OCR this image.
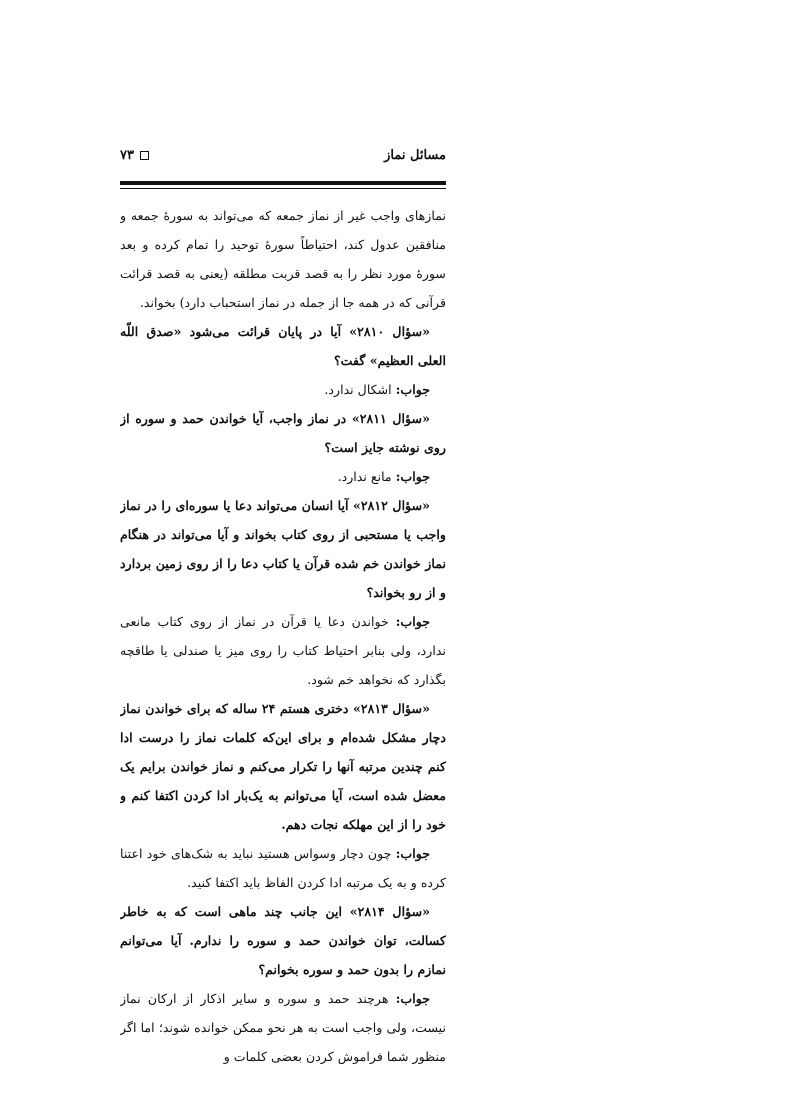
مسائل نماز
۷۳

نمازهای واجب غیر از نماز جمعه که می‌تواند به سورهٔ جمعه و منافقین عدول کند، احتیاطاً سورهٔ توحید را تمام کرده و بعد سورهٔ مورد نظر را به قصد قربت مطلقه (یعنی به قصد قرائت قرآنی که در همه جا از جمله در نماز استحباب دارد) بخواند.

«سؤال ۲۸۱۰» آیا در پایان قرائت می‌شود «صدق اللّه العلی العظیم» گفت؟

جواب: اشکال ندارد.

«سؤال ۲۸۱۱» در نماز واجب، آیا خواندن حمد و سوره از روی نوشته جایز است؟

جواب: مانع ندارد.

«سؤال ۲۸۱۲» آیا انسان می‌تواند دعا یا سوره‌ای را در نماز واجب یا مستحبی از روی کتاب بخواند و آیا می‌تواند در هنگام نماز خواندن خم شده قرآن یا کتاب دعا را از روی زمین بردارد و از رو بخواند؟

جواب: خواندن دعا یا قرآن در نماز از روی کتاب مانعی ندارد، ولی بنابر احتیاط کتاب را روی میز یا صندلی یا طاقچه بگذارد که نخواهد خم شود.

«سؤال ۲۸۱۳» دختری هستم ۲۴ ساله که برای خواندن نماز دچار مشکل شده‌ام و برای این‌که کلمات نماز را درست ادا کنم چندین مرتبه آنها را تکرار می‌کنم و نماز خواندن برایم یک معضل شده است، آیا می‌توانم به یک‌بار ادا کردن اکتفا کنم و خود را از این مهلکه نجات دهم.

جواب: چون دچار وسواس هستید نباید به شک‌های خود اعتنا کرده و به یک مرتبه ادا کردن الفاظ باید اکتفا کنید.

«سؤال ۲۸۱۴» این جانب چند ماهی است که به خاطر کسالت، توان خواندن حمد و سوره را ندارم. آیا می‌توانم نمازم را بدون حمد و سوره بخوانم؟

جواب: هرچند حمد و سوره و سایر اذکار از ارکان نماز نیست، ولی واجب است به هر نحو ممکن خوانده شوند؛ اما اگر منظور شما فراموش کردن بعضی کلمات و
